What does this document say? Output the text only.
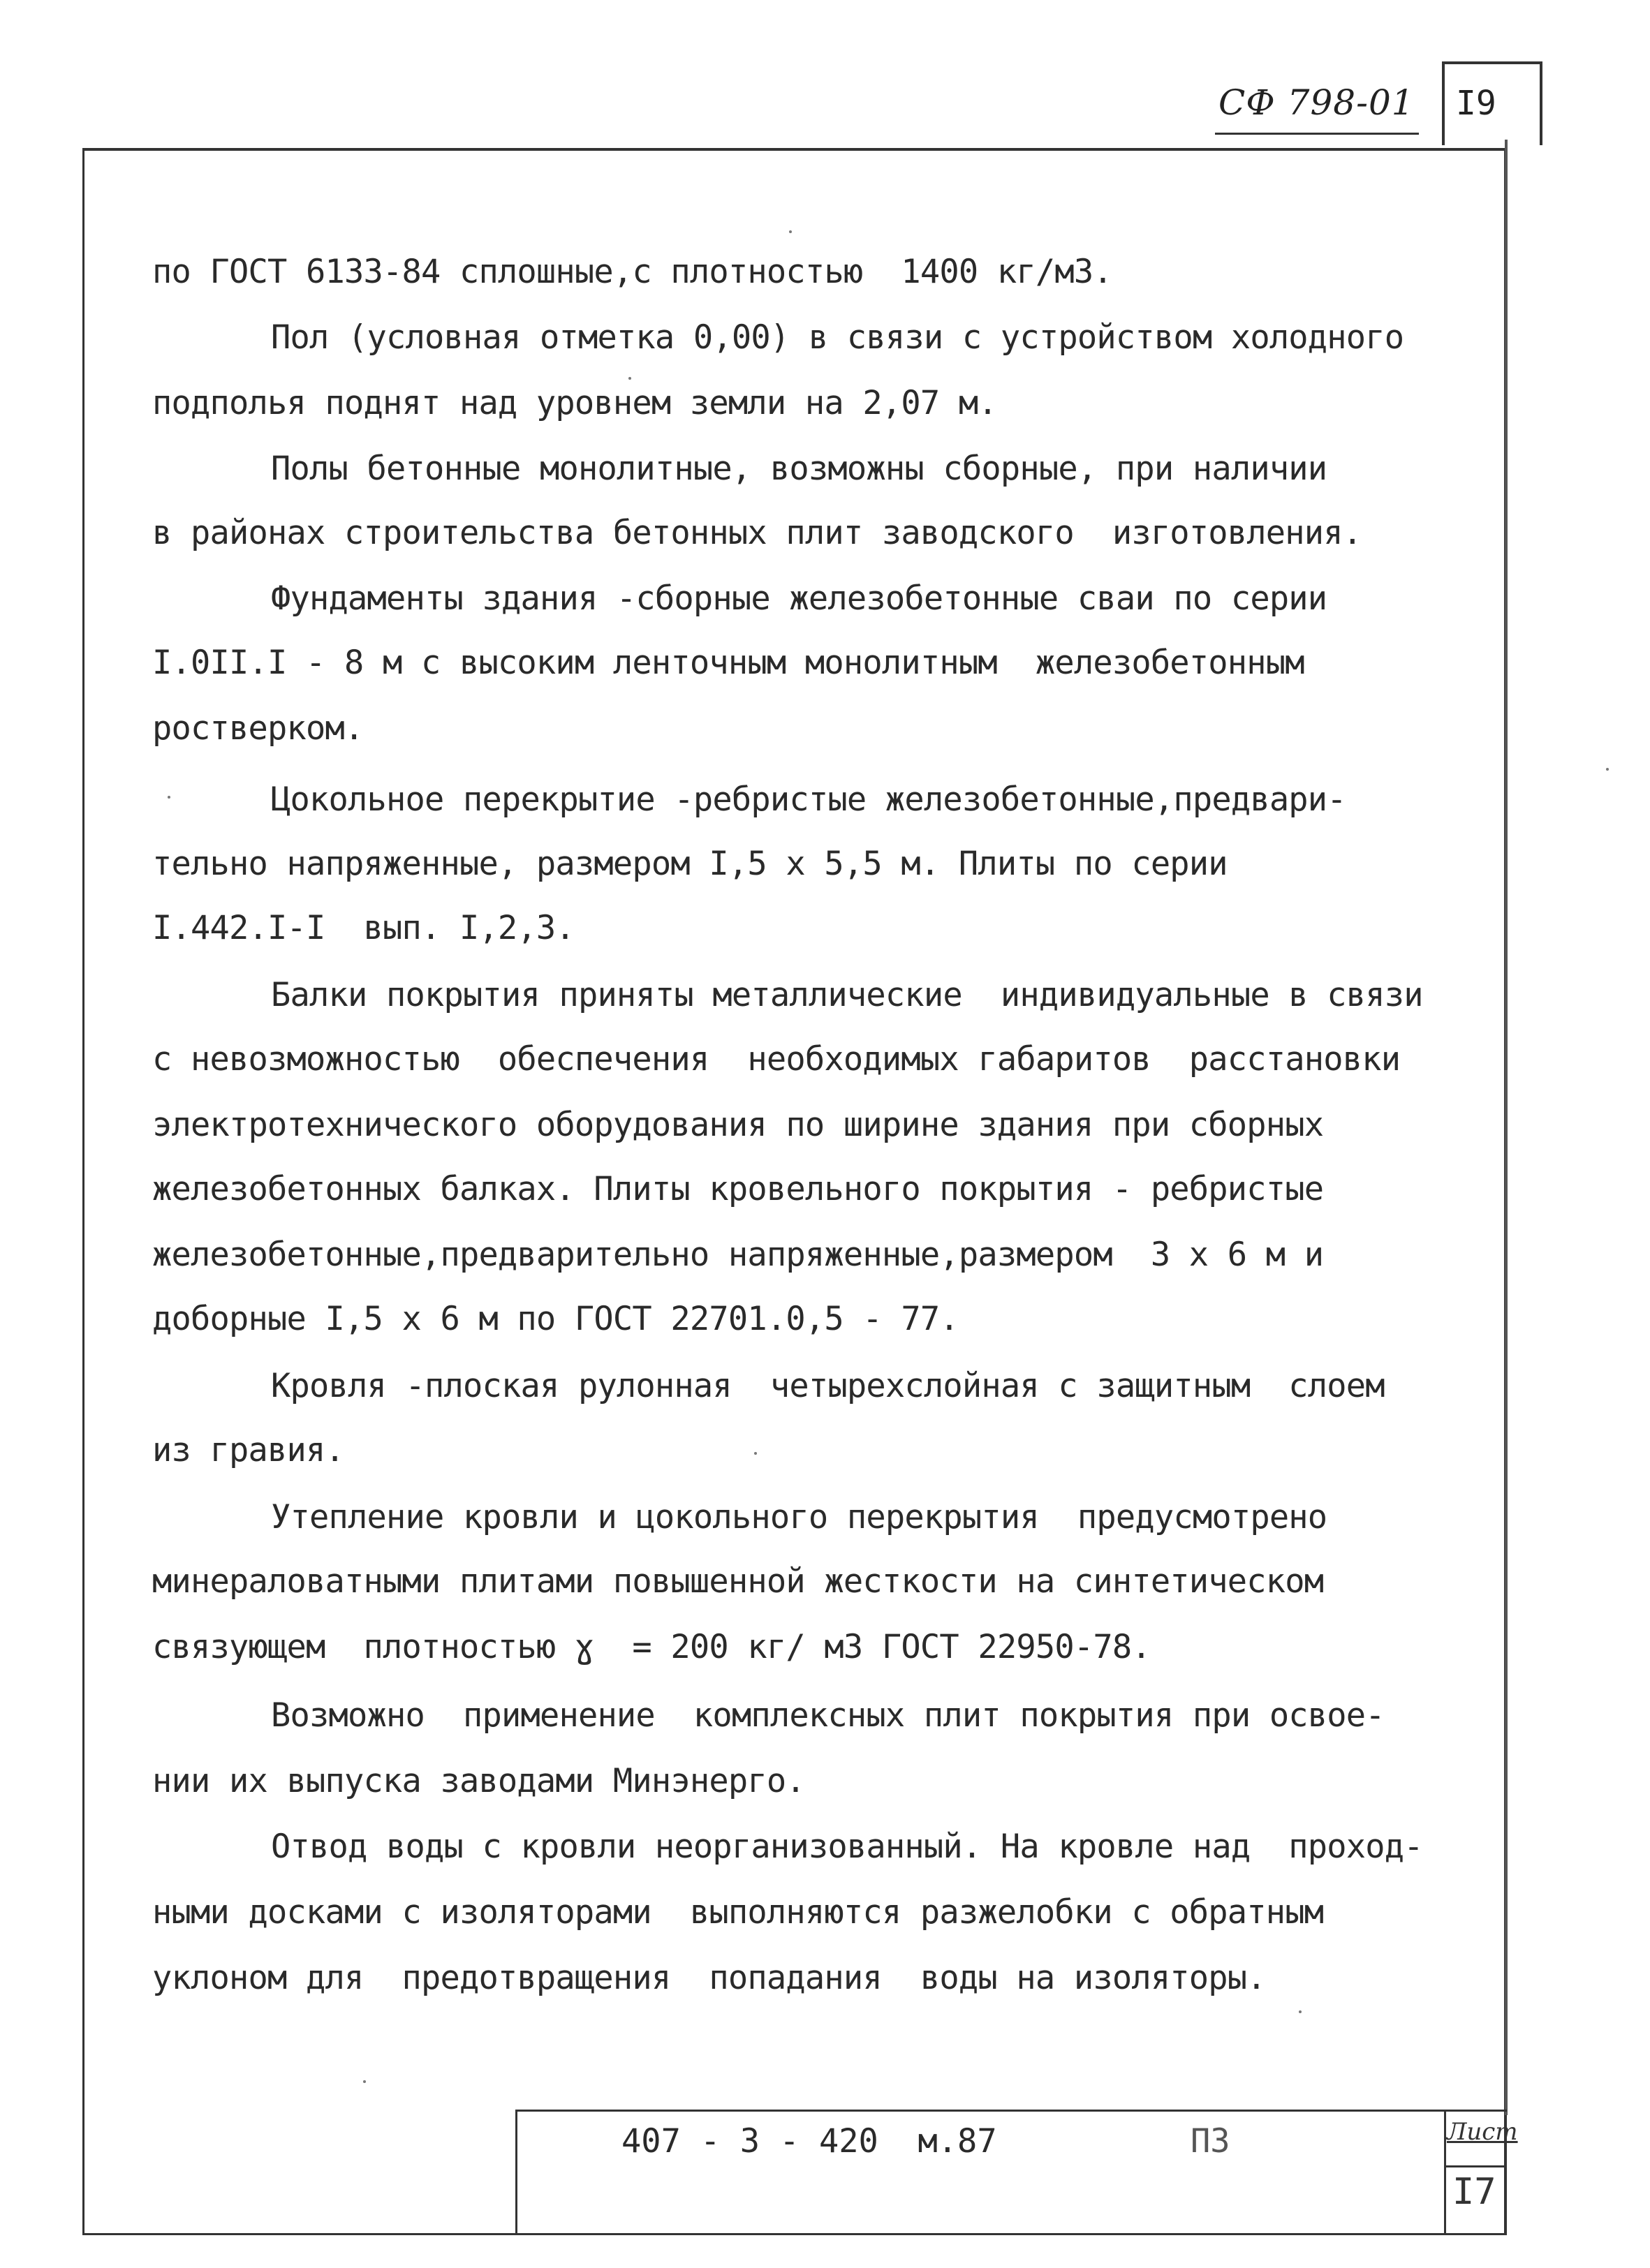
СФ 798-01 I9
по ГОСТ 6133-84 сплошные,с плотностью  1400 кг/м3.
Пол (условная отметка 0,00) в связи с устройством холодного
подполья поднят над уровнем земли на 2,07 м.
Полы бетонные монолитные, возможны сборные, при наличии
в районах строительства бетонных плит заводского  изготовления.
Фундаменты здания -сборные железобетонные сваи по серии
I.0II.I - 8 м с высоким ленточным монолитным  железобетонным
ростверком.
Цокольное перекрытие -ребристые железобетонные,предвари-
тельно напряженные, размером I,5 х 5,5 м. Плиты по серии
I.442.I-I  вып. I,2,3.
Балки покрытия приняты металлические  индивидуальные в связи
с невозможностью  обеспечения  необходимых габаритов  расстановки
электротехнического оборудования по ширине здания при сборных
железобетонных балках. Плиты кровельного покрытия - ребристые
железобетонные,предварительно напряженные,размером  3 х 6 м и
доборные I,5 х 6 м по ГОСТ 22701.0,5 - 77.
Кровля -плоская рулонная  четырехслойная с защитным  слоем
из гравия.
Утепление кровли и цокольного перекрытия  предусмотрено
минераловатными плитами повышенной жесткости на синтетическом
связующем  плотностью ɣ  = 200 кг/ м3 ГОСТ 22950-78.
Возможно  применение  комплексных плит покрытия при освое-
нии их выпуска заводами Минэнерго.
Отвод воды с кровли неорганизованный. На кровле над  проход-
ными досками с изоляторами  выполняются разжелобки с обратным
уклоном для  предотвращения  попадания  воды на изоляторы.
407 - 3 - 420  м.87	ПЗ	Лист
I7
